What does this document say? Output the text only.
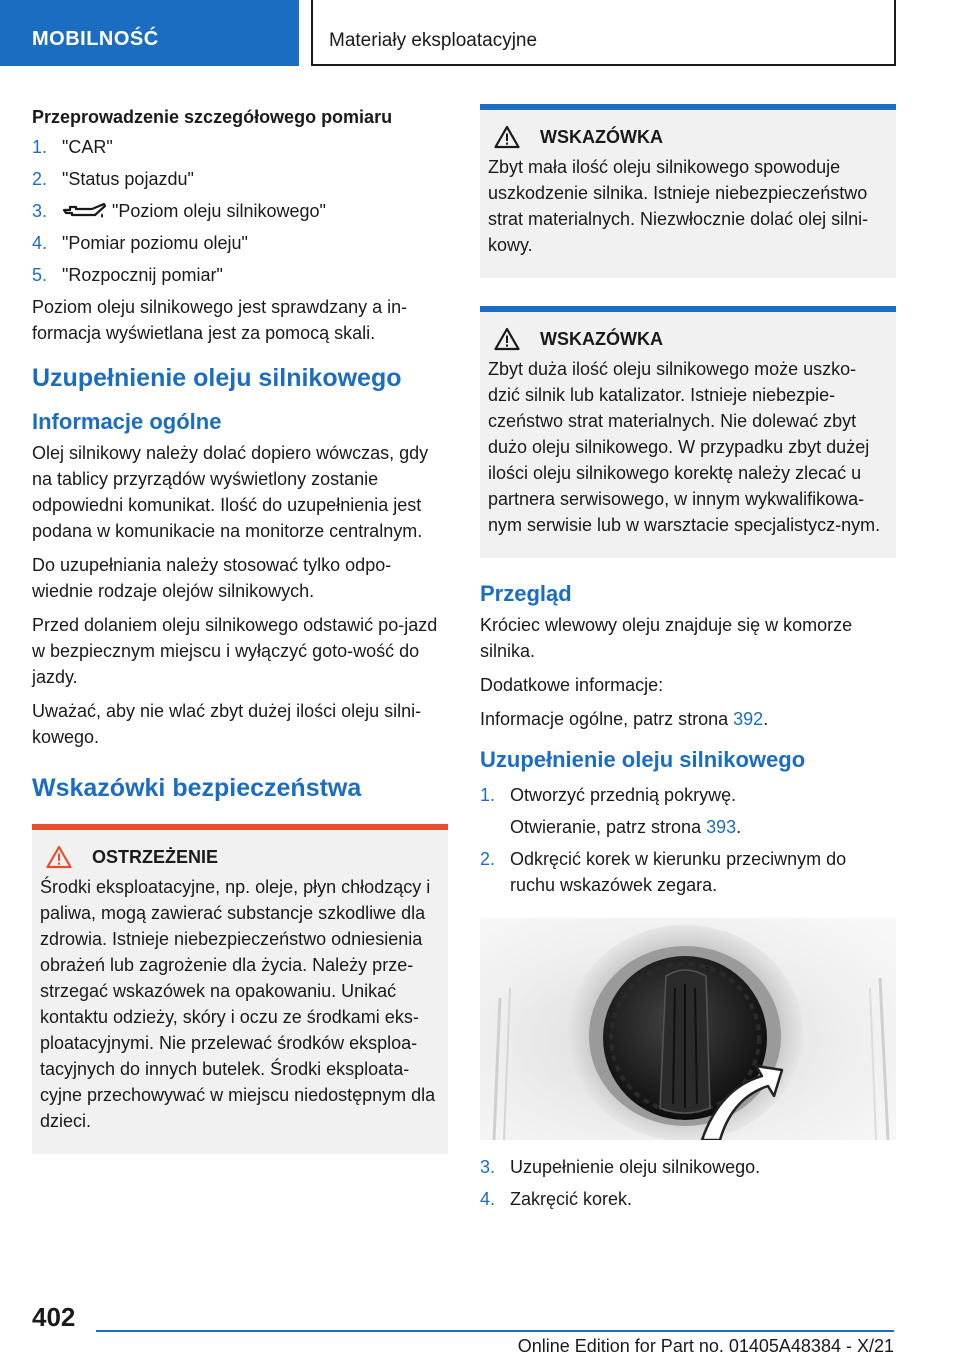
MOBILNOŚĆ	Materiały eksploatacyjne
Przeprowadzenie szczegółowego pomiaru
1. "CAR"
2. "Status pojazdu"
3.	"Poziom oleju silnikowego"
4. "Pomiar poziomu oleju"
5. "Rozpocznij pomiar"

Poziom oleju silnikowego jest sprawdzany a in-formacja wyświetlana jest za pomocą skali.

Uzupełnienie oleju silnikowego
Informacje ogólne

Olej silnikowy należy dolać dopiero wówczas, gdy na tablicy przyrządów wyświetlony zostanie odpowiedni komunikat. Ilość do uzupełnienia jest podana w komunikacie na monitorze centralnym.

Do uzupełniania należy stosować tylko odpo-wiednie rodzaje olejów silnikowych.

Przed dolaniem oleju silnikowego odstawić po-jazd w bezpiecznym miejscu i wyłączyć goto-wość do jazdy.

Uważać, aby nie wlać zbyt dużej ilości oleju silni-kowego.

Wskazówki bezpieczeństwa
OSTRZEŻENIE

Środki eksploatacyjne, np. oleje, płyn chłodzący i paliwa, mogą zawierać substancje szkodliwe dla zdrowia. Istnieje niebezpieczeństwo odniesienia obrażeń lub zagrożenie dla życia. Należy prze-strzegać wskazówek na opakowaniu. Unikać kontaktu odzieży, skóry i oczu ze środkami eks-ploatacyjnymi. Nie przelewać środków eksploa-tacyjnych do innych butelek. Środki eksploata-cyjne przechowywać w miejscu niedostępnym dla dzieci.

WSKAZÓWKA

Zbyt mała ilość oleju silnikowego spowoduje uszkodzenie silnika. Istnieje niebezpieczeństwo strat materialnych. Niezwłocznie dolać olej silni-kowy.

WSKAZÓWKA

Zbyt duża ilość oleju silnikowego może uszko-dzić silnik lub katalizator. Istnieje niebezpie-czeństwo strat materialnych. Nie dolewać zbyt dużo oleju silnikowego. W przypadku zbyt dużej ilości oleju silnikowego korektę należy zlecać u partnera serwisowego, w innym wykwalifikowa-nym serwisie lub w warsztacie specjalistycz-nym.

Przegląd

Króciec wlewowy oleju znajduje się w komorze silnika.

Dodatkowe informacje:

Informacje ogólne, patrz strona 392.

Uzupełnienie oleju silnikowego
1. Otworzyć przednią pokrywę.
Otwieranie, patrz strona 393.
2. Odkręcić korek w kierunku przeciwnym do ruchu wskazówek zegara.
3. Uzupełnienie oleju silnikowego.
4. Zakręcić korek.
402
Online Edition for Part no. 01405A48384 - X/21
